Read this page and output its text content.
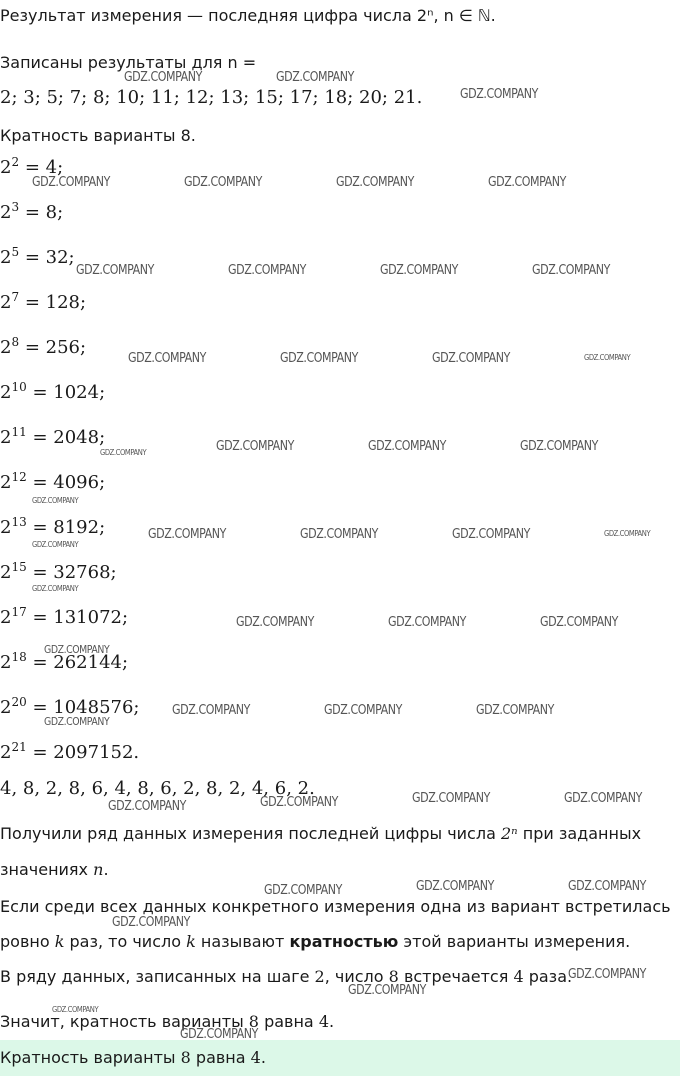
Результат измерения — последняя цифра числа 2ⁿ, n ∈ ℕ.
Записаны результаты для n =
2; 3; 5; 7; 8; 10; 11; 12; 13; 15; 17; 18; 20; 21.
Кратность варианты 8.
$2^2 = 4$;
$2^3 = 8$;
$2^5 = 32$;
$2^7 = 128$;
$2^8 = 256$;
$2^{10} = 1024$;
$2^{11} = 2048$;
$2^{12} = 4096$;
$2^{13} = 8192$;
$2^{15} = 32768$;
$2^{17} = 131072$;
$2^{18} = 262144$;
$2^{20} = 1048576$;
$2^{21} = 2097152$.
4, 8, 2, 8, 6, 4, 8, 6, 2, 8, 2, 4, 6, 2.
Получили ряд данных измерения последней цифры числа 2ⁿ при заданных
значениях n.
Если среди всех данных конкретного измерения одна из вариант встретилась
ровно k раз, то число k называют кратностью этой варианты измерения.
В ряду данных, записанных на шаге 2, число 8 встречается 4 раза.
Значит, кратность варианты 8 равна 4.
Кратность варианты 8 равна 4.
GDZ.COMPANY	GDZ.COMPANY
GDZ.COMPANY
GDZ.COMPANY	GDZ.COMPANY	GDZ.COMPANY	GDZ.COMPANY
GDZ.COMPANY	GDZ.COMPANY	GDZ.COMPANY	GDZ.COMPANY
GDZ.COMPANY	GDZ.COMPANY	GDZ.COMPANY	GDZ.COMPANY
GDZ.COMPANY	GDZ.COMPANY	GDZ.COMPANY	GDZ.COMPANY
GDZ.COMPANY
GDZ.COMPANY
GDZ.COMPANY	GDZ.COMPANY	GDZ.COMPANY	GDZ.COMPANY
GDZ.COMPANY
GDZ.COMPANY	GDZ.COMPANY	GDZ.COMPANY
GDZ.COMPANY
GDZ.COMPANY	GDZ.COMPANY	GDZ.COMPANY
GDZ.COMPANY
GDZ.COMPANY	GDZ.COMPANY	GDZ.COMPANY	GDZ.COMPANY
GDZ.COMPANY	GDZ.COMPANY	GDZ.COMPANY
GDZ.COMPANY
GDZ.COMPANY
GDZ.COMPANY
GDZ.COMPANY
GDZ.COMPANY
